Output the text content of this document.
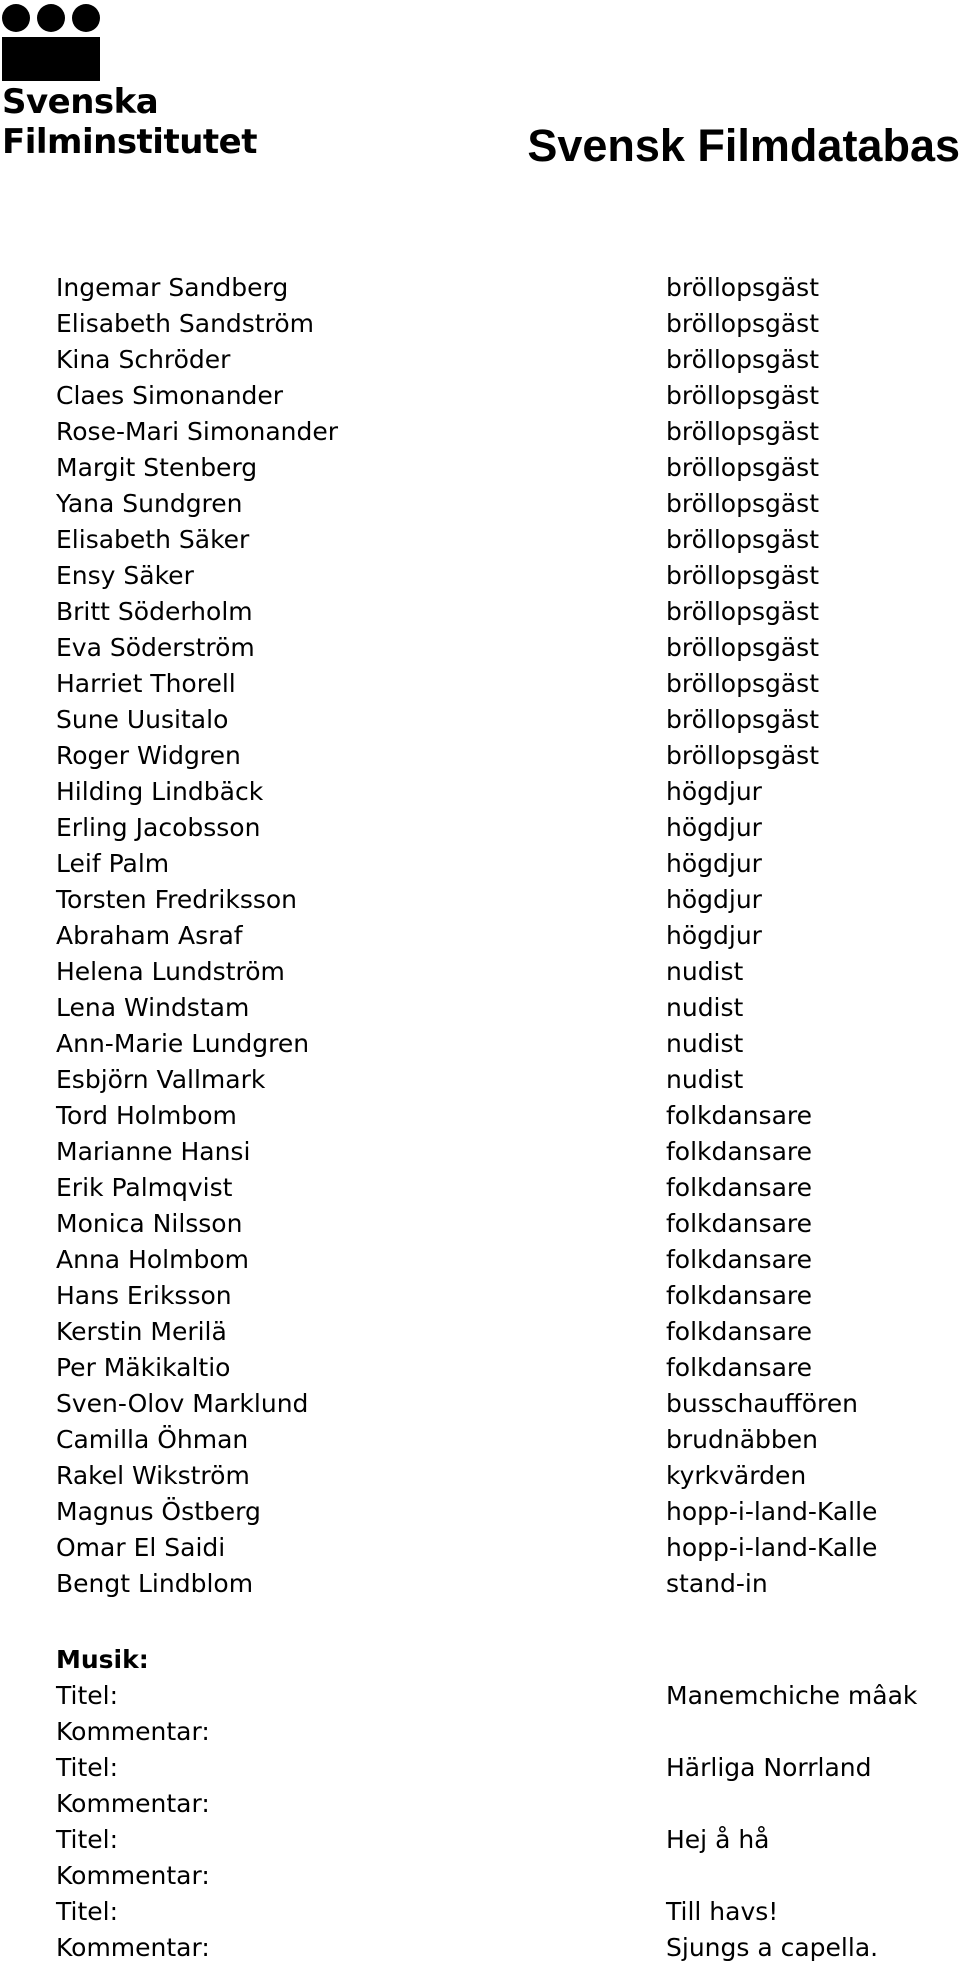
Svenska
Filminstitutet	Svensk Filmdatabas
Ingemar Sandberg	bröllopsgäst
Elisabeth Sandström	bröllopsgäst
Kina Schröder	bröllopsgäst
Claes Simonander	bröllopsgäst
Rose-Mari Simonander	bröllopsgäst
Margit Stenberg	bröllopsgäst
Yana Sundgren	bröllopsgäst
Elisabeth Säker	bröllopsgäst
Ensy Säker	bröllopsgäst
Britt Söderholm	bröllopsgäst
Eva Söderström	bröllopsgäst
Harriet Thorell	bröllopsgäst
Sune Uusitalo	bröllopsgäst
Roger Widgren	bröllopsgäst
Hilding Lindbäck	högdjur
Erling Jacobsson	högdjur
Leif Palm	högdjur
Torsten Fredriksson	högdjur
Abraham Asraf	högdjur
Helena Lundström	nudist
Lena Windstam	nudist
Ann-Marie Lundgren	nudist
Esbjörn Vallmark	nudist
Tord Holmbom	folkdansare
Marianne Hansi	folkdansare
Erik Palmqvist	folkdansare
Monica Nilsson	folkdansare
Anna Holmbom	folkdansare
Hans Eriksson	folkdansare
Kerstin Merilä	folkdansare
Per Mäkikaltio	folkdansare
Sven-Olov Marklund	busschauffören
Camilla Öhman	brudnäbben
Rakel Wikström	kyrkvärden
Magnus Östberg	hopp-i-land-Kalle
Omar El Saidi	hopp-i-land-Kalle
Bengt Lindblom	stand-in
Musik:
Titel:	Manemchiche mâak
Kommentar:
Titel:	Härliga Norrland
Kommentar:
Titel:	Hej å hå
Kommentar:
Titel:	Till havs!
Kommentar:	Sjungs a capella.
